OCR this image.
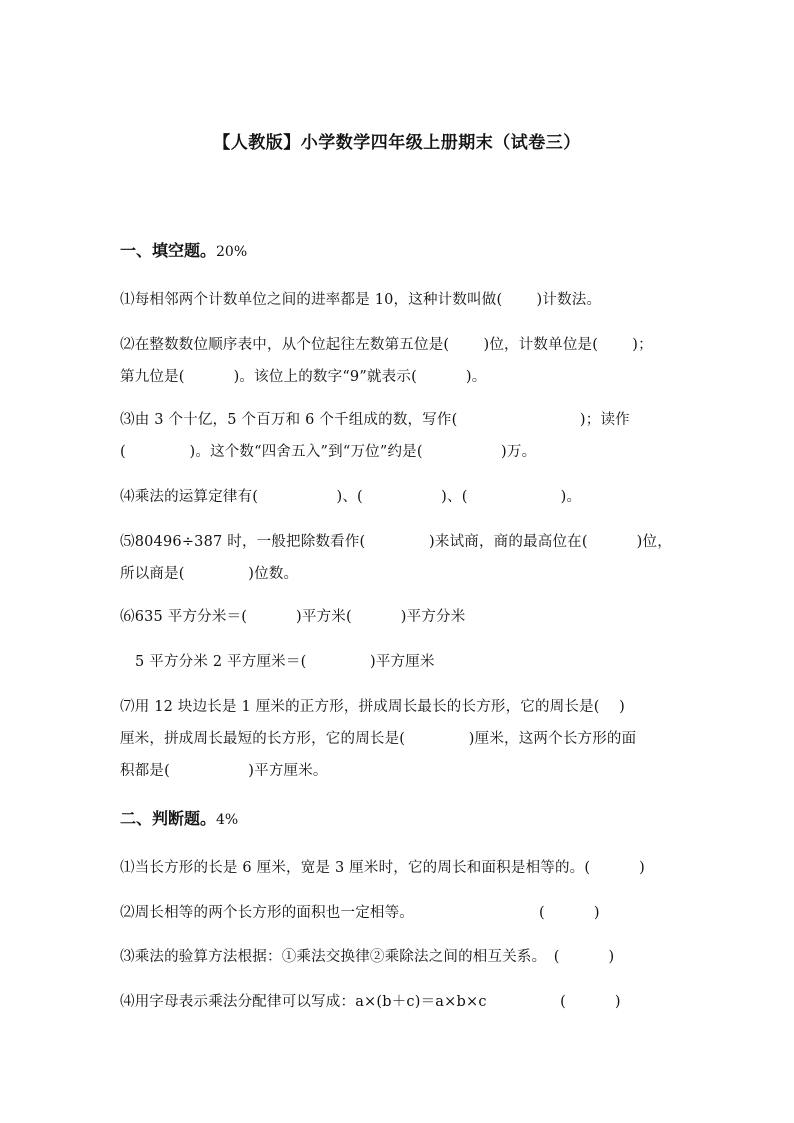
【人教版】小学数学四年级上册期末（试卷三）
一、填空题。20%
⑴每相邻两个计数单位之间的进率都是 10，这种计数叫做(　　 )计数法。
⑵在整数数位顺序表中，从个位起往左数第五位是(　　 )位，计数单位是(　　 )；
第九位是(　　　 )。该位上的数字“9”就表示(　　　 )。
⑶由 3 个十亿，5 个百万和 6 个千组成的数，写作(　　　　　　　　 )；读作
(　　　　 )。这个数“四舍五入”到“万位”约是(　　　　　 )万。
⑷乘法的运算定律有(　　　　　 )、(　　　　　 )、(　　　　　　 )。
⑸80496÷387 时，一般把除数看作(　　　　 )来试商，商的最高位在(　　　 )位，
所以商是(　　　　 )位数。
⑹635 平方分米＝(　　　 )平方米(　　　 )平方分米
5 平方分米 2 平方厘米＝(　　　　 )平方厘米
⑺用 12 块边长是 1 厘米的正方形，拼成周长最长的长方形，它的周长是(　 )
厘米，拼成周长最短的长方形，它的周长是(　　　　 )厘米，这两个长方形的面
积都是(　　　　　 )平方厘米。
二、判断题。4%
⑴当长方形的长是 6 厘米，宽是 3 厘米时，它的周长和面积是相等的。(　　　 )
⑵周长相等的两个长方形的面积也一定相等。　　　　　　　　　(　　　 )
⑶乘法的验算方法根据：①乘法交换律②乘除法之间的相互关系。　(　　　 )
⑷用字母表示乘法分配律可以写成：a×(b＋c)＝a×b×c　　　　　(　　　 )
